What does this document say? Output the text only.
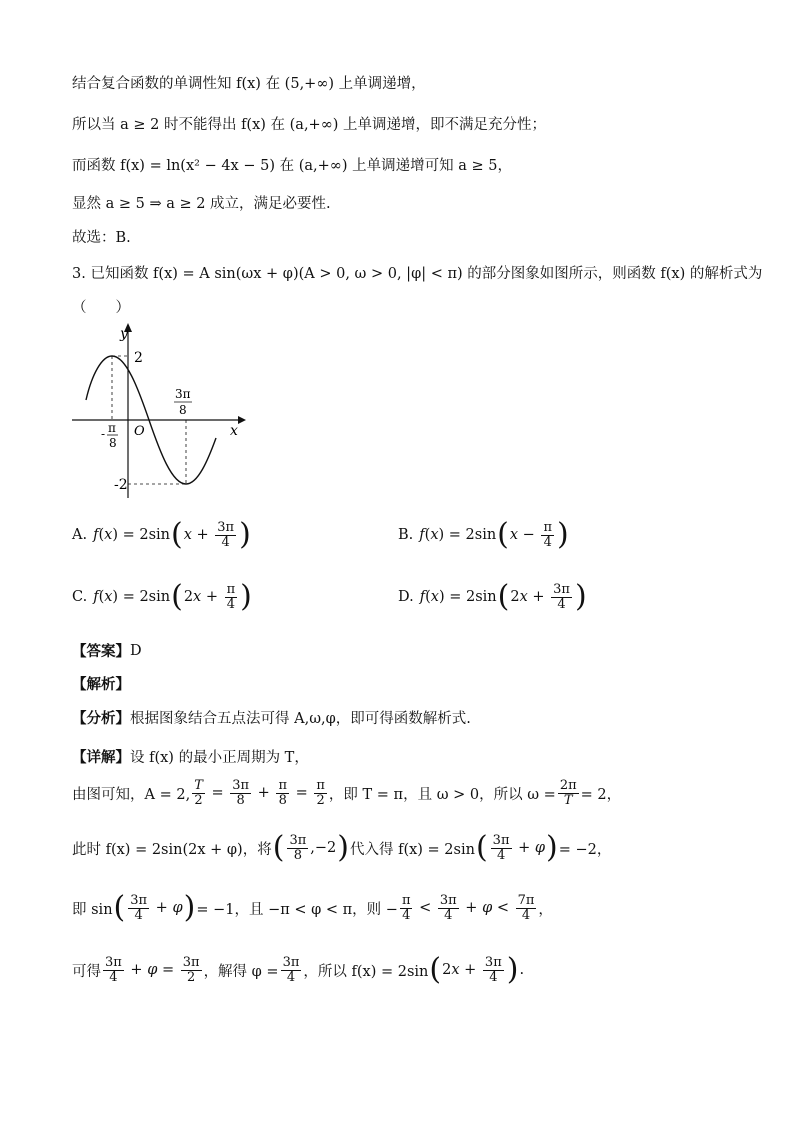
结合复合函数的单调性知 f(x) 在 (5,+∞) 上单调递增，
所以当 a ≥ 2 时不能得出 f(x) 在 (a,+∞) 上单调递增，即不满足充分性；
而函数 f(x) = ln(x² − 4x − 5) 在 (a,+∞) 上单调递增可知 a ≥ 5，
显然 a ≥ 5 ⇒ a ≥ 2 成立，满足必要性.
故选：B.
3. 已知函数 f(x) = A sin(ωx + φ)(A > 0, ω > 0, |φ| < π) 的部分图象如图所示，则函数 f(x) 的解析式为
（　　）
y
x
O
2
-2
- π
8
3π
8
A. f ( x ) = 2sin ( $x + \frac{3\pi}{4}$ )	B. f ( x ) = 2sin ( $x - \frac{\pi}{4}$ )
C. f ( x ) = 2sin ( 2 $x + \frac{\pi}{4}$ )	D. f ( x ) = 2sin ( 2 $x + \frac{3\pi}{4}$ )
【答案】 D
【解析】
【分析】 根据图象结合五点法可得 A,ω,φ，即可得函数解析式.
【详解】 设 f(x) 的最小正周期为 T，
由图可知，A = 2, $\frac{T}{2} = \frac{3\pi}{8} + \frac{\pi}{8} = \frac{\pi}{2}$ ，即 T = π，且 ω > 0，所以 $\omega = \frac{2\pi}{T} = 2$，
此时 f(x) = 2sin(2x + φ)，将 ( $\frac{3\pi}{8} ,-2$ ) 代入得 f(x) = 2sin ( $\frac{3\pi}{4} + \varphi$ ) = −2，
即 sin ( $\frac{3\pi}{4} + \varphi$ ) = −1，且 −π < φ < π，则 − $\frac{\pi}{4} < \frac{3\pi}{4} + \varphi < \frac{7\pi}{4}$ ，
可得 $\frac{3\pi}{4} + \varphi = \frac{3\pi}{2}$ ，解得 $\varphi = \frac{3\pi}{4}$ ，所以 f(x) = 2sin ( 2 $x + \frac{3\pi}{4}$ ) .
